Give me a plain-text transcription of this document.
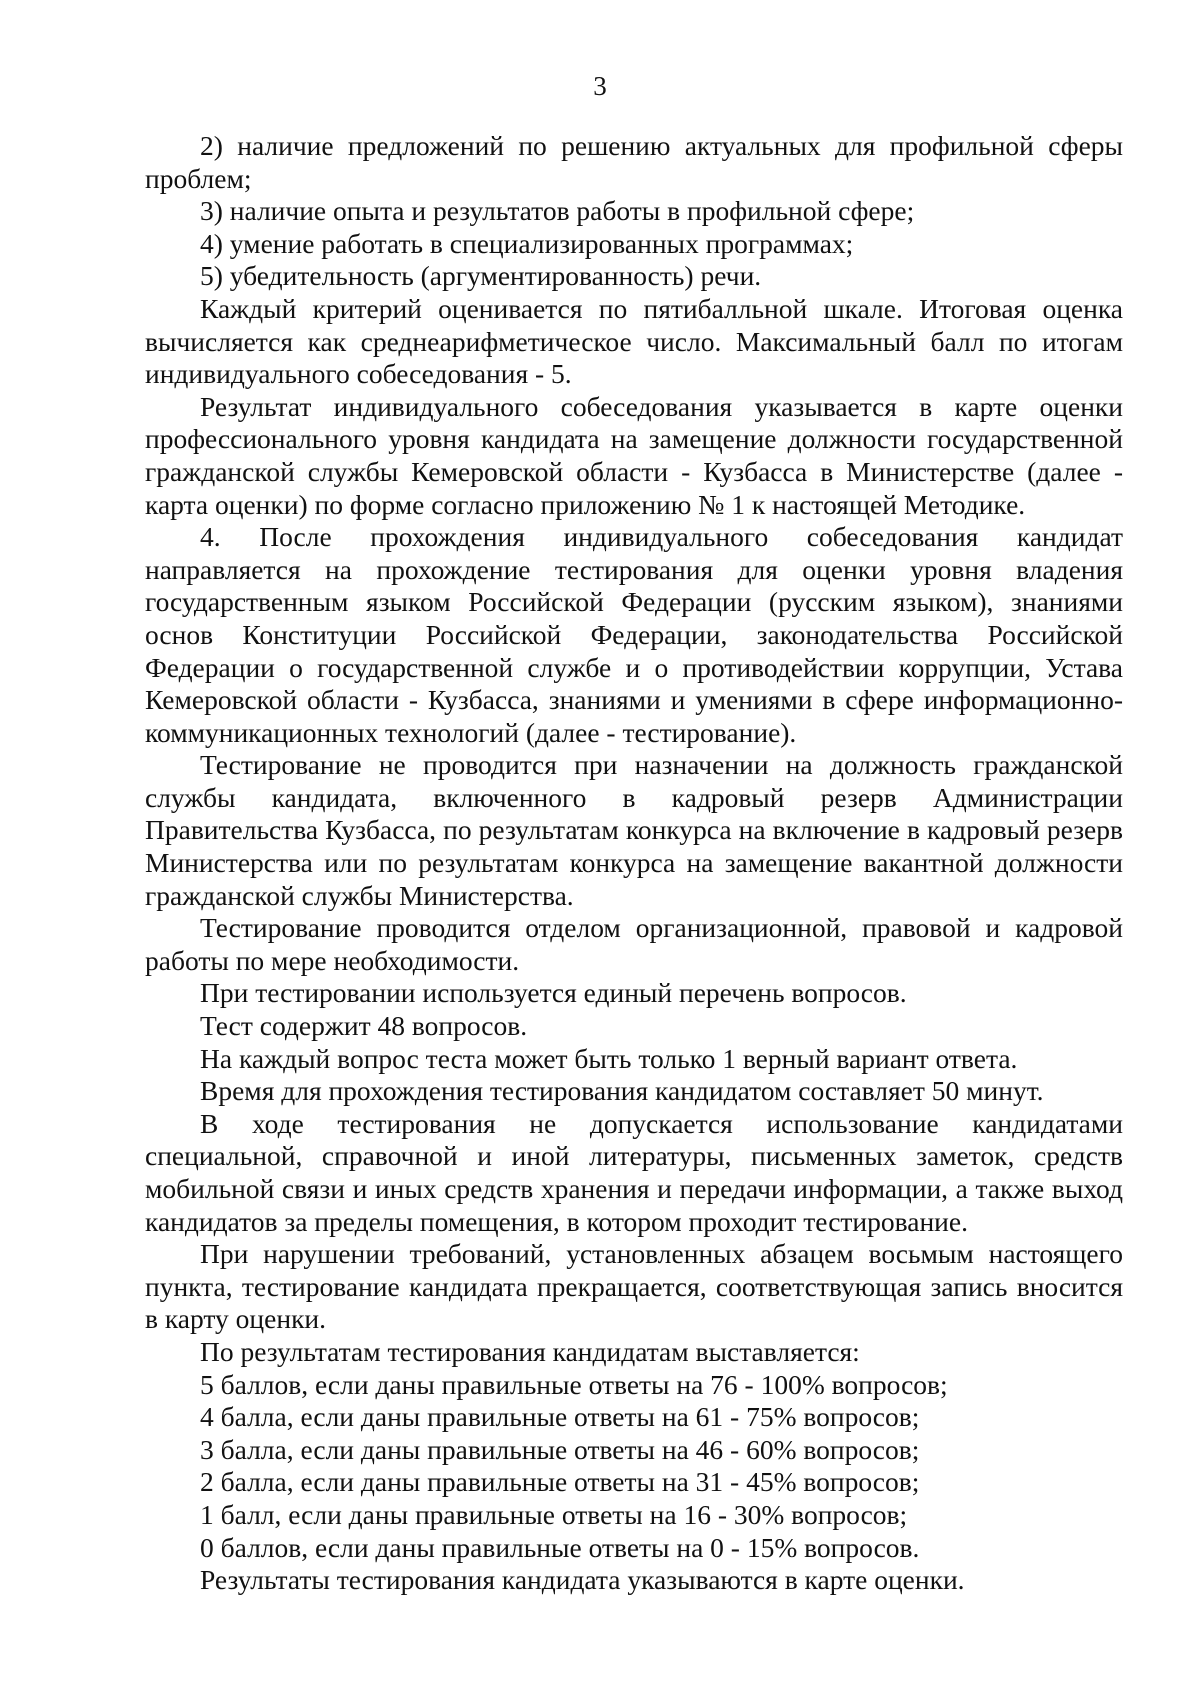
3

2) наличие предложений по решению актуальных для профильной сферы проблем;

3) наличие опыта и результатов работы в профильной сфере;

4) умение работать в специализированных программах;

5) убедительность (аргументированность) речи.

Каждый критерий оценивается по пятибалльной шкале. Итоговая оценка вычисляется как среднеарифметическое число. Максимальный балл по итогам индивидуального собеседования - 5.

Результат индивидуального собеседования указывается в карте оценки профессионального уровня кандидата на замещение должности государственной гражданской службы Кемеровской области - Кузбасса в Министерстве (далее - карта оценки) по форме согласно приложению № 1 к настоящей Методике.

4. После прохождения индивидуального собеседования кандидат направляется на прохождение тестирования для оценки уровня владения государственным языком Российской Федерации (русским языком), знаниями основ Конституции Российской Федерации, законодательства Российской Федерации о государственной службе и о противодействии коррупции, Устава Кемеровской области - Кузбасса, знаниями и умениями в сфере информационно-коммуникационных технологий (далее - тестирование).

Тестирование не проводится при назначении на должность гражданской службы кандидата, включенного в кадровый резерв Администрации Правительства Кузбасса, по результатам конкурса на включение в кадровый резерв Министерства или по результатам конкурса на замещение вакантной должности гражданской службы Министерства.

Тестирование проводится отделом организационной, правовой и кадровой работы по мере необходимости.

При тестировании используется единый перечень вопросов.

Тест содержит 48 вопросов.

На каждый вопрос теста может быть только 1 верный вариант ответа.

Время для прохождения тестирования кандидатом составляет 50 минут.

В ходе тестирования не допускается использование кандидатами специальной, справочной и иной литературы, письменных заметок, средств мобильной связи и иных средств хранения и передачи информации, а также выход кандидатов за пределы помещения, в котором проходит тестирование.

При нарушении требований, установленных абзацем восьмым настоящего пункта, тестирование кандидата прекращается, соответствующая запись вносится в карту оценки.

По результатам тестирования кандидатам выставляется:

5 баллов, если даны правильные ответы на 76 - 100% вопросов;

4 балла, если даны правильные ответы на 61 - 75% вопросов;

3 балла, если даны правильные ответы на 46 - 60% вопросов;

2 балла, если даны правильные ответы на 31 - 45% вопросов;

1 балл, если даны правильные ответы на 16 - 30% вопросов;

0 баллов, если даны правильные ответы на 0 - 15% вопросов.

Результаты тестирования кандидата указываются в карте оценки.
